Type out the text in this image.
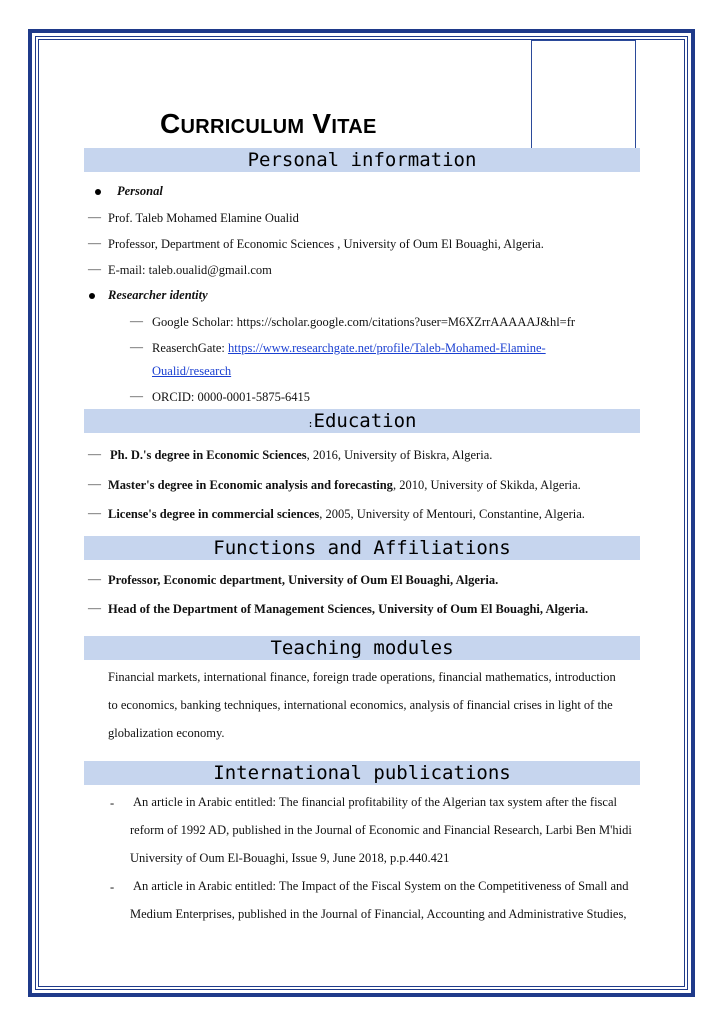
Curriculum Vitae
Personal information
Personal
— Prof. Taleb Mohamed Elamine Oualid
— Professor, Department of Economic Sciences , University of Oum El Bouaghi, Algeria.
— E-mail: taleb.oualid@gmail.com
Researcher identity
— Google Scholar: https://scholar.google.com/citations?user=M6XZrrAAAAAJ&hl=fr
— ReaserchGate: https://www.researchgate.net/profile/Taleb-Mohamed-Elamine-
Oualid/research
— ORCID: 0000-0001-5875-6415
:Education
— Ph. D.'s degree in Economic Sciences, 2016, University of Biskra, Algeria.
— Master's degree in Economic analysis and forecasting, 2010, University of Skikda, Algeria.
— License's degree in commercial sciences, 2005, University of Mentouri, Constantine, Algeria.
Functions and Affiliations
— Professor, Economic department, University of Oum El Bouaghi, Algeria.
— Head of the Department of Management Sciences, University of Oum El Bouaghi, Algeria.
Teaching modules
Financial markets, international finance, foreign trade operations, financial mathematics, introduction
to economics, banking techniques, international economics, analysis of financial crises in light of the
globalization economy.
International publications
- An article in Arabic entitled: The financial profitability of the Algerian tax system after the fiscal
reform of 1992 AD, published in the Journal of Economic and Financial Research, Larbi Ben M'hidi
University of Oum El-Bouaghi, Issue 9, June 2018, p.p.440.421
- An article in Arabic entitled: The Impact of the Fiscal System on the Competitiveness of Small and
Medium Enterprises, published in the Journal of Financial, Accounting and Administrative Studies,
